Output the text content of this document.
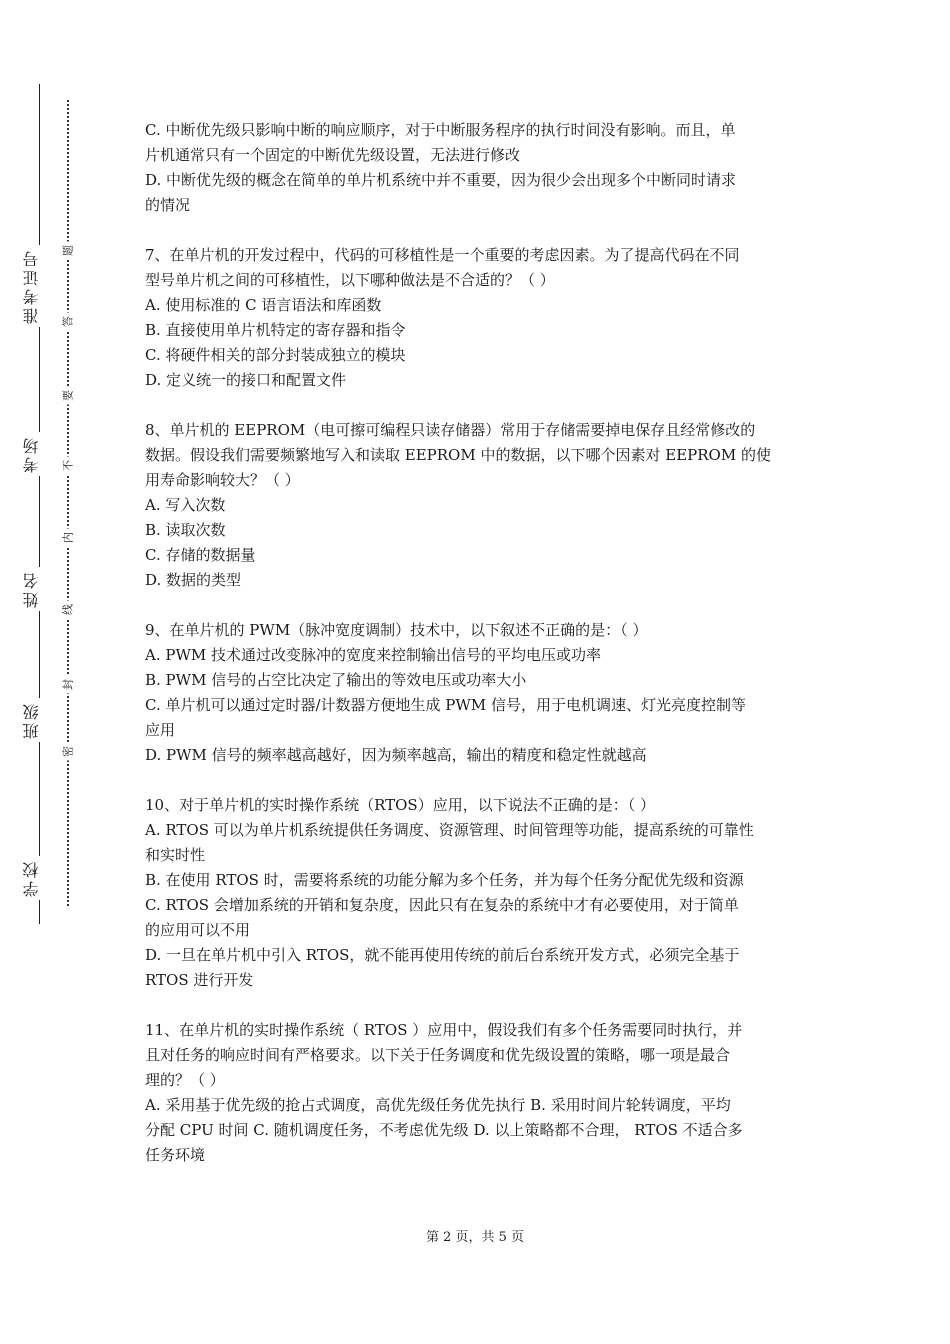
学校
班级
姓名
考场
准考证号
密
封
线
内
不
要
答
题

C. 中断优先级只影响中断的响应顺序，对于中断服务程序的执行时间没有影响。而且，单

片机通常只有一个固定的中断优先级设置，无法进行修改

D. 中断优先级的概念在简单的单片机系统中并不重要，因为很少会出现多个中断同时请求

的情况

7、在单片机的开发过程中，代码的可移植性是一个重要的考虑因素。为了提高代码在不同

型号单片机之间的可移植性，以下哪种做法是不合适的？（ ）

A. 使用标准的 C 语言语法和库函数

B. 直接使用单片机特定的寄存器和指令

C. 将硬件相关的部分封装成独立的模块

D. 定义统一的接口和配置文件

8、单片机的 EEPROM（电可擦可编程只读存储器）常用于存储需要掉电保存且经常修改的

数据。假设我们需要频繁地写入和读取 EEPROM 中的数据，以下哪个因素对 EEPROM 的使

用寿命影响较大？（ ）

A. 写入次数

B. 读取次数

C. 存储的数据量

D. 数据的类型

9、在单片机的 PWM（脉冲宽度调制）技术中，以下叙述不正确的是：（ ）

A. PWM 技术通过改变脉冲的宽度来控制输出信号的平均电压或功率

B. PWM 信号的占空比决定了输出的等效电压或功率大小

C. 单片机可以通过定时器/计数器方便地生成 PWM 信号，用于电机调速、灯光亮度控制等

应用

D. PWM 信号的频率越高越好，因为频率越高，输出的精度和稳定性就越高

10、对于单片机的实时操作系统（RTOS）应用，以下说法不正确的是：（ ）

A. RTOS 可以为单片机系统提供任务调度、资源管理、时间管理等功能，提高系统的可靠性

和实时性

B. 在使用 RTOS 时，需要将系统的功能分解为多个任务，并为每个任务分配优先级和资源

C. RTOS 会增加系统的开销和复杂度，因此只有在复杂的系统中才有必要使用，对于简单

的应用可以不用

D. 一旦在单片机中引入 RTOS，就不能再使用传统的前后台系统开发方式，必须完全基于

RTOS 进行开发

11、在单片机的实时操作系统（ RTOS ）应用中，假设我们有多个任务需要同时执行，并

且对任务的响应时间有严格要求。以下关于任务调度和优先级设置的策略，哪一项是最合

理的？（ ）

A. 采用基于优先级的抢占式调度，高优先级任务优先执行 B. 采用时间片轮转调度，平均

分配 CPU 时间 C. 随机调度任务，不考虑优先级 D. 以上策略都不合理， RTOS 不适合多

任务环境

第 2 页，共 5 页
